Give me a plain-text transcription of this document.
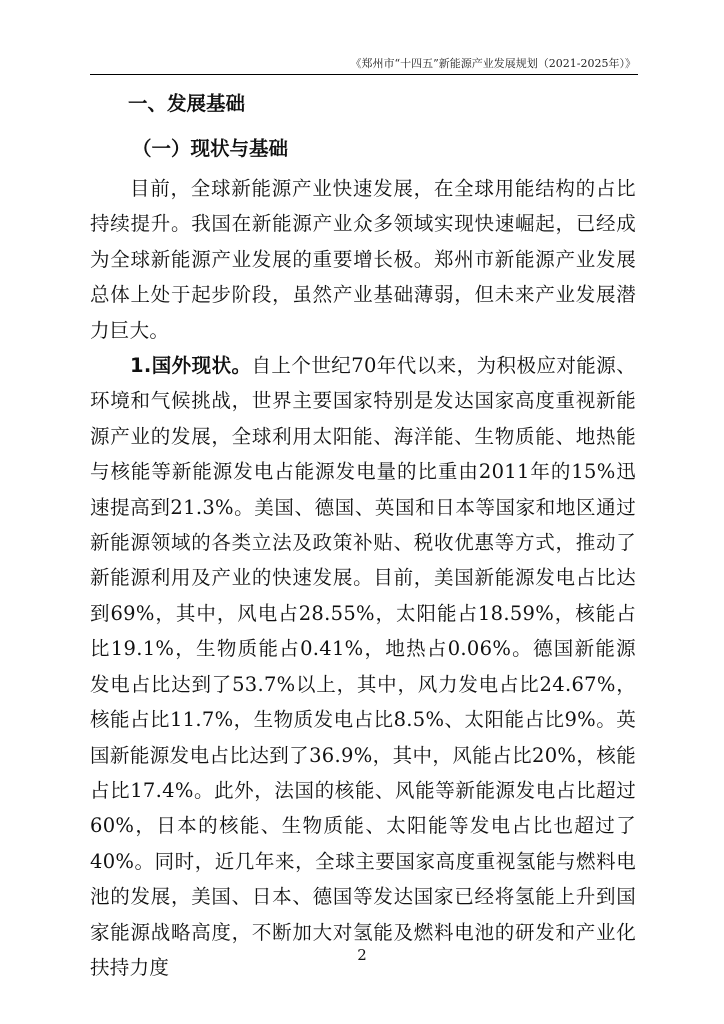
《郑州市“十四五”新能源产业发展规划（2021-2025年）》
一、发展基础
（一）现状与基础

目前，全球新能源产业快速发展，在全球用能结构的占比持续提升。我国在新能源产业众多领域实现快速崛起，已经成为全球新能源产业发展的重要增长极。郑州市新能源产业发展总体上处于起步阶段，虽然产业基础薄弱，但未来产业发展潜力巨大。

1.国外现状。自上个世纪70年代以来，为积极应对能源、环境和气候挑战，世界主要国家特别是发达国家高度重视新能源产业的发展，全球利用太阳能、海洋能、生物质能、地热能与核能等新能源发电占能源发电量的比重由2011年的15%迅速提高到21.3%。美国、德国、英国和日本等国家和地区通过新能源领域的各类立法及政策补贴、税收优惠等方式，推动了新能源利用及产业的快速发展。目前，美国新能源发电占比达到69%，其中，风电占28.55%，太阳能占18.59%，核能占比19.1%，生物质能占0.41%，地热占0.06%。德国新能源发电占比达到了53.7%以上，其中，风力发电占比24.67%，核能占比11.7%，生物质发电占比8.5%、太阳能占比9%。英国新能源发电占比达到了36.9%，其中，风能占比20%，核能占比17.4%。此外，法国的核能、风能等新能源发电占比超过60%，日本的核能、生物质能、太阳能等发电占比也超过了40%。同时，近几年来，全球主要国家高度重视氢能与燃料电池的发展，美国、日本、德国等发达国家已经将氢能上升到国家能源战略高度，不断加大对氢能及燃料电池的研发和产业化扶持力度

2
